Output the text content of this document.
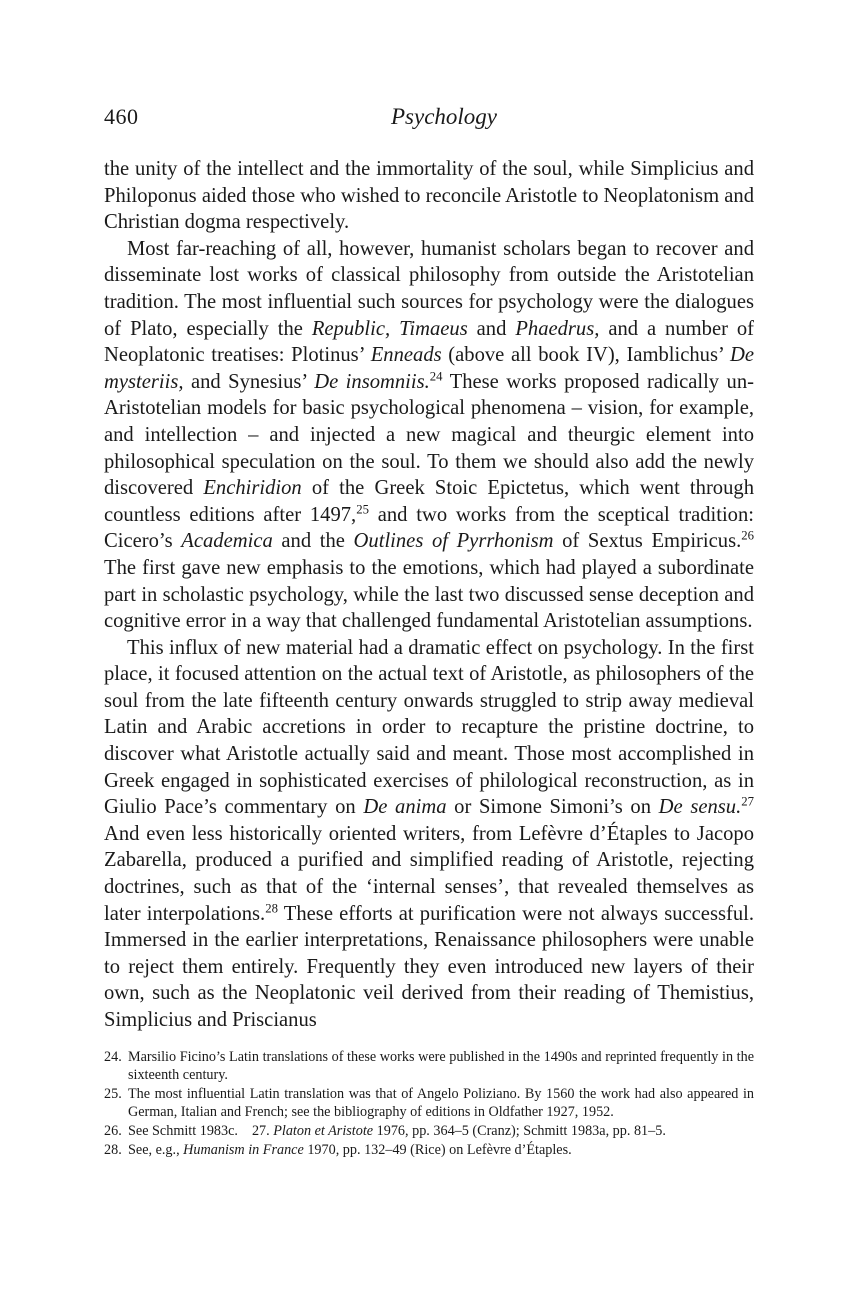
460	Psychology

the unity of the intellect and the immortality of the soul, while Simplicius and Philoponus aided those who wished to reconcile Aristotle to Neoplatonism and Christian dogma respectively.

Most far-reaching of all, however, humanist scholars began to recover and disseminate lost works of classical philosophy from outside the Aristotelian tradition. The most influential such sources for psychology were the dialogues of Plato, especially the Republic, Timaeus and Phaedrus, and a number of Neoplatonic treatises: Plotinus’ Enneads (above all book IV), Iamblichus’ De mysteriis, and Synesius’ De insomniis.$^{24}$ These works proposed radically un-Aristotelian models for basic psychological phenomena – vision, for example, and intellection – and injected a new magical and theurgic element into philosophical speculation on the soul. To them we should also add the newly discovered Enchiridion of the Greek Stoic Epictetus, which went through countless editions after 1497,25 and two works from the sceptical tradition: Cicero’s Academica and the Outlines of Pyrrhonism of Sextus Empiricus.$^{26}$ The first gave new emphasis to the emotions, which had played a subordinate part in scholastic psychology, while the last two discussed sense deception and cognitive error in a way that challenged fundamental Aristotelian assumptions.

This influx of new material had a dramatic effect on psychology. In the first place, it focused attention on the actual text of Aristotle, as philosophers of the soul from the late fifteenth century onwards struggled to strip away medieval Latin and Arabic accretions in order to recapture the pristine doctrine, to discover what Aristotle actually said and meant. Those most accomplished in Greek engaged in sophisticated exercises of philological reconstruction, as in Giulio Pace’s commentary on De anima or Simone Simoni’s on De sensu.$^{27}$ And even less historically oriented writers, from Lefèvre d’Étaples to Jacopo Zabarella, produced a purified and simplified reading of Aristotle, rejecting doctrines, such as that of the ‘internal senses’, that revealed themselves as later interpolations.$^{28}$ These efforts at purification were not always successful. Immersed in the earlier interpretations, Renaissance philosophers were unable to reject them entirely. Frequently they even introduced new layers of their own, such as the Neoplatonic veil derived from their reading of Themistius, Simplicius and Priscianus

24. Marsilio Ficino’s Latin translations of these works were published in the 1490s and reprinted frequently in the sixteenth century.
25. The most influential Latin translation was that of Angelo Poliziano. By 1560 the work had also appeared in German, Italian and French; see the bibliography of editions in Oldfather 1927, 1952.
26. See Schmitt 1983c. 27. Platon et Aristote 1976, pp. 364–5 (Cranz); Schmitt 1983a, pp. 81–5.
28. See, e.g., Humanism in France 1970, pp. 132–49 (Rice) on Lefèvre d’Étaples.
